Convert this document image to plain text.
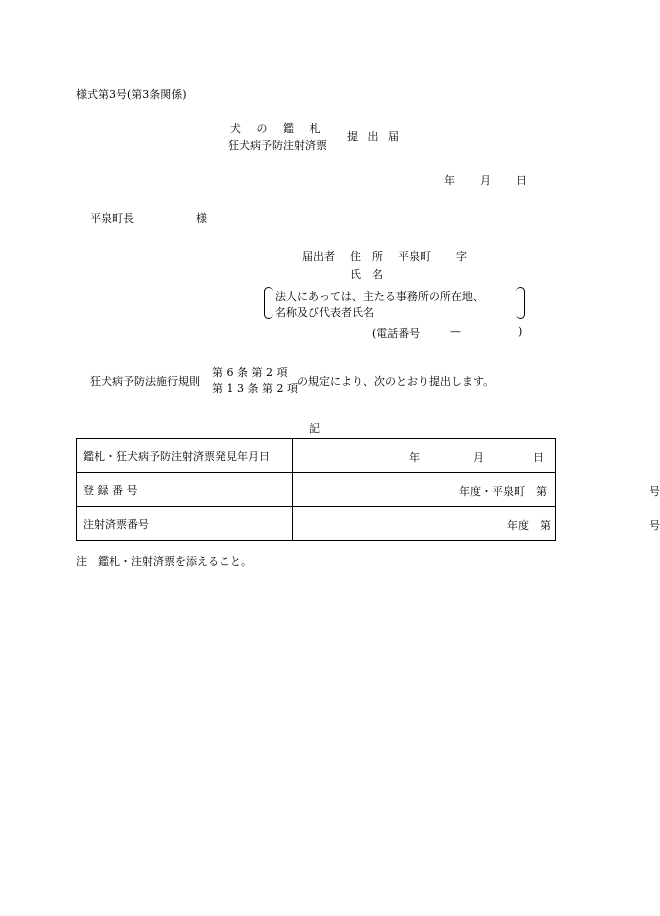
様式第3号(第3条関係)
犬 の 鑑 札
狂犬病予防注射済票
提 出 届
年 月 日
平泉町長	様
届出者 住　所 平泉町 字
氏　名
法人にあっては、主たる事務所の所在地、
名称及び代表者氏名
(電話番号	—	)
狂犬病予防法施行規則
第 6 条 第 2 項
第 1 3 条 第 2 項
の規定により、次のとおり提出します。
記
鑑札・狂犬病予防注射済票発見年月日	年 月 日

登 録 番 号	年度・平泉町　第 号

注射済票番号	年度　第 号
注　鑑札・注射済票を添えること。
